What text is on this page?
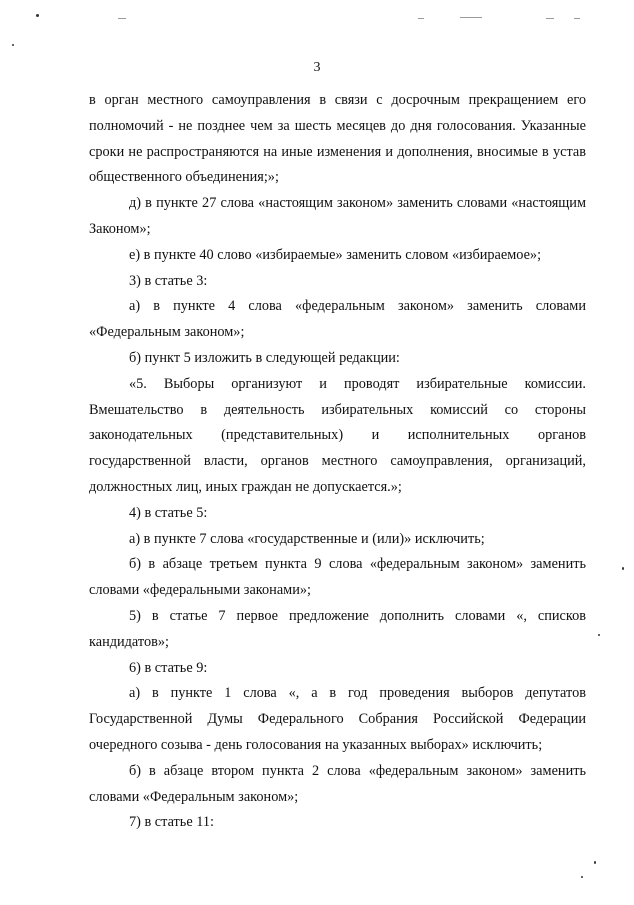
3

в орган местного самоуправления в связи с досрочным прекращением его полномочий - не позднее чем за шесть месяцев до дня голосования. Указанные сроки не распространяются на иные изменения и дополнения, вносимые в устав общественного объединения;»;

д) в пункте 27 слова «настоящим законом» заменить словами «настоящим Законом»;

е) в пункте 40 слово «избираемые» заменить словом «избираемое»;

3) в статье 3:

а) в пункте 4 слова «федеральным законом» заменить словами «Федеральным законом»;

б) пункт 5 изложить в следующей редакции:

«5. Выборы организуют и проводят избирательные комиссии. Вмешательство в деятельность избирательных комиссий со стороны законодательных (представительных) и исполнительных органов государственной власти, органов местного самоуправления, организаций, должностных лиц, иных граждан не допускается.»;

4) в статье 5:

а) в пункте 7 слова «государственные и (или)» исключить;

б) в абзаце третьем пункта 9 слова «федеральным законом» заменить словами «федеральными законами»;

5) в статье 7 первое предложение дополнить словами «, списков кандидатов»;

6) в статье 9:

а) в пункте 1 слова «, а в год проведения выборов депутатов Государственной Думы Федерального Собрания Российской Федерации очередного созыва - день голосования на указанных выборах» исключить;

б) в абзаце втором пункта 2 слова «федеральным законом» заменить словами «Федеральным законом»;

7) в статье 11:
